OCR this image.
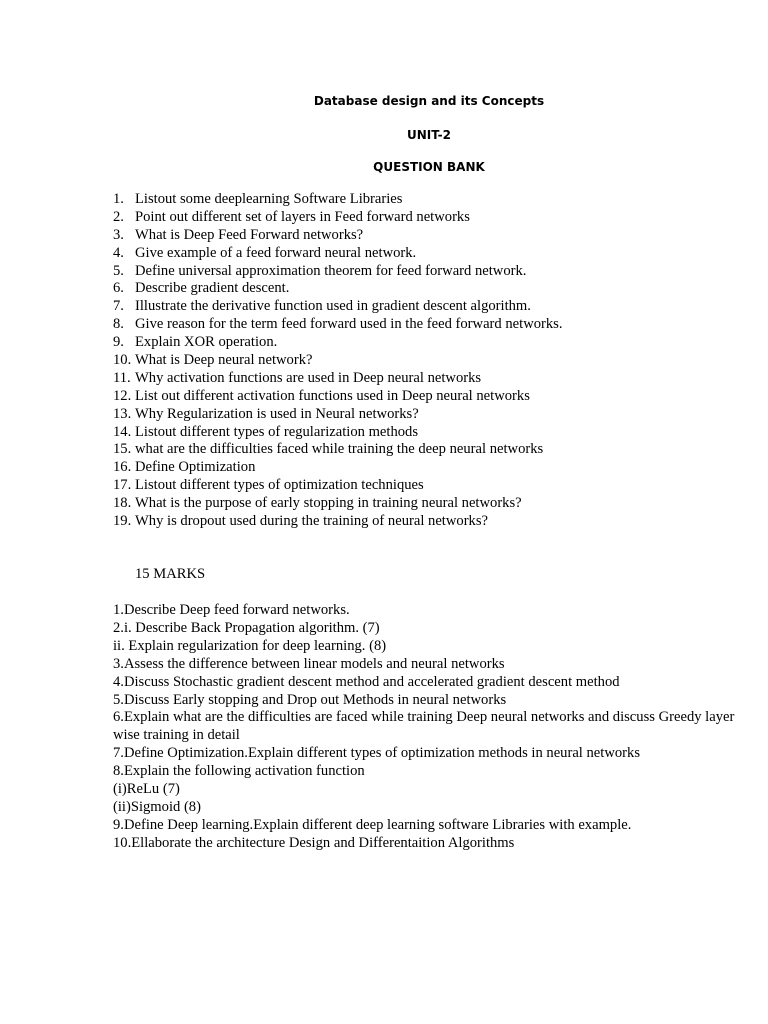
Database design and its Concepts
UNIT-2
QUESTION BANK
1. Listout some deeplearning Software Libraries
2. Point out different set of layers in Feed forward networks
3. What is Deep Feed Forward networks?
4. Give example of a feed forward neural network.
5. Define universal approximation theorem for feed forward network.
6. Describe gradient descent.
7. Illustrate the derivative function used in gradient descent algorithm.
8. Give reason for the term feed forward used in the feed forward networks.
9. Explain XOR operation.
10. What is Deep neural network?
11. Why activation functions are used in Deep neural networks
12. List out different activation functions used in Deep neural networks
13. Why Regularization is used in Neural networks?
14. Listout different types of regularization methods
15. what are the difficulties faced while training the deep neural networks
16. Define Optimization
17. Listout different types of optimization techniques
18. What is the purpose of early stopping in training neural networks?
19. Why is dropout used during the training of neural networks?
15 MARKS
1.Describe Deep feed forward networks.
2.i. Describe Back Propagation algorithm. (7)
ii. Explain regularization for deep learning. (8)
3.Assess the difference between linear models and neural networks
4.Discuss Stochastic gradient descent method and accelerated gradient descent method
5.Discuss Early stopping and Drop out Methods in neural networks
6.Explain what are the difficulties are faced while training Deep neural networks and discuss Greedy layer wise training in detail
7.Define Optimization.Explain different types of optimization methods in neural networks
8.Explain the following activation function
(i)ReLu (7)
(ii)Sigmoid (8)
9.Define Deep learning.Explain different deep learning software Libraries with example.
10.Ellaborate the architecture Design and Differentaition Algorithms
